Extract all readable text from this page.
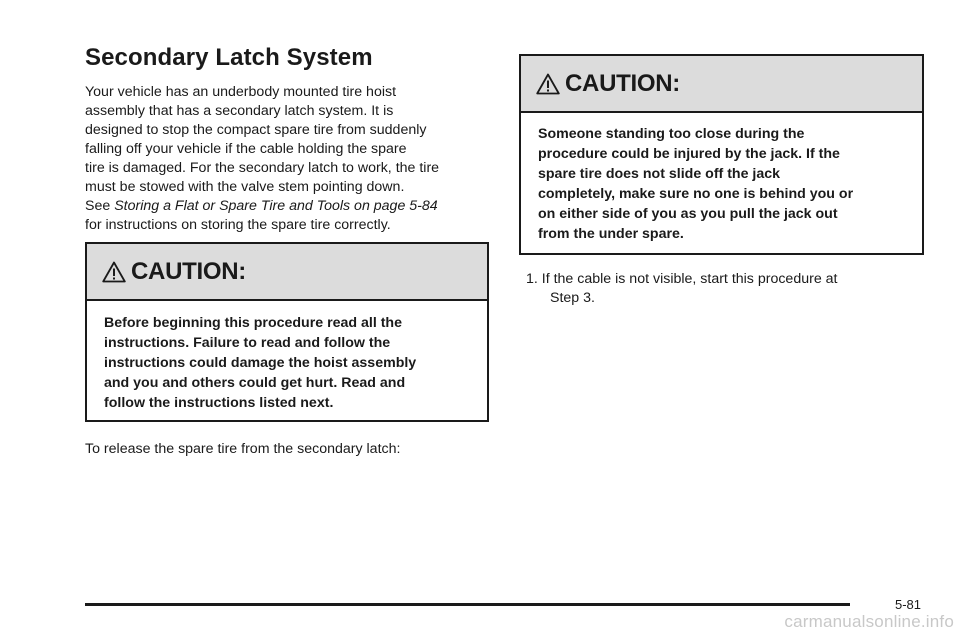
Secondary Latch System

Your vehicle has an underbody mounted tire hoist
assembly that has a secondary latch system. It is
designed to stop the compact spare tire from suddenly
falling off your vehicle if the cable holding the spare
tire is damaged. For the secondary latch to work, the tire
must be stowed with the valve stem pointing down.
See Storing a Flat or Spare Tire and Tools on page 5-84
for instructions on storing the spare tire correctly.

CAUTION:
Before beginning this procedure read all the
instructions. Failure to read and follow the
instructions could damage the hoist assembly
and you and others could get hurt. Read and
follow the instructions listed next.

To release the spare tire from the secondary latch:

CAUTION:
Someone standing too close during the
procedure could be injured by the jack. If the
spare tire does not slide off the jack
completely, make sure no one is behind you or
on either side of you as you pull the jack out
from the under spare.

1. If the cable is not visible, start this procedure at
Step 3.

5-81
carmanualsonline.info
